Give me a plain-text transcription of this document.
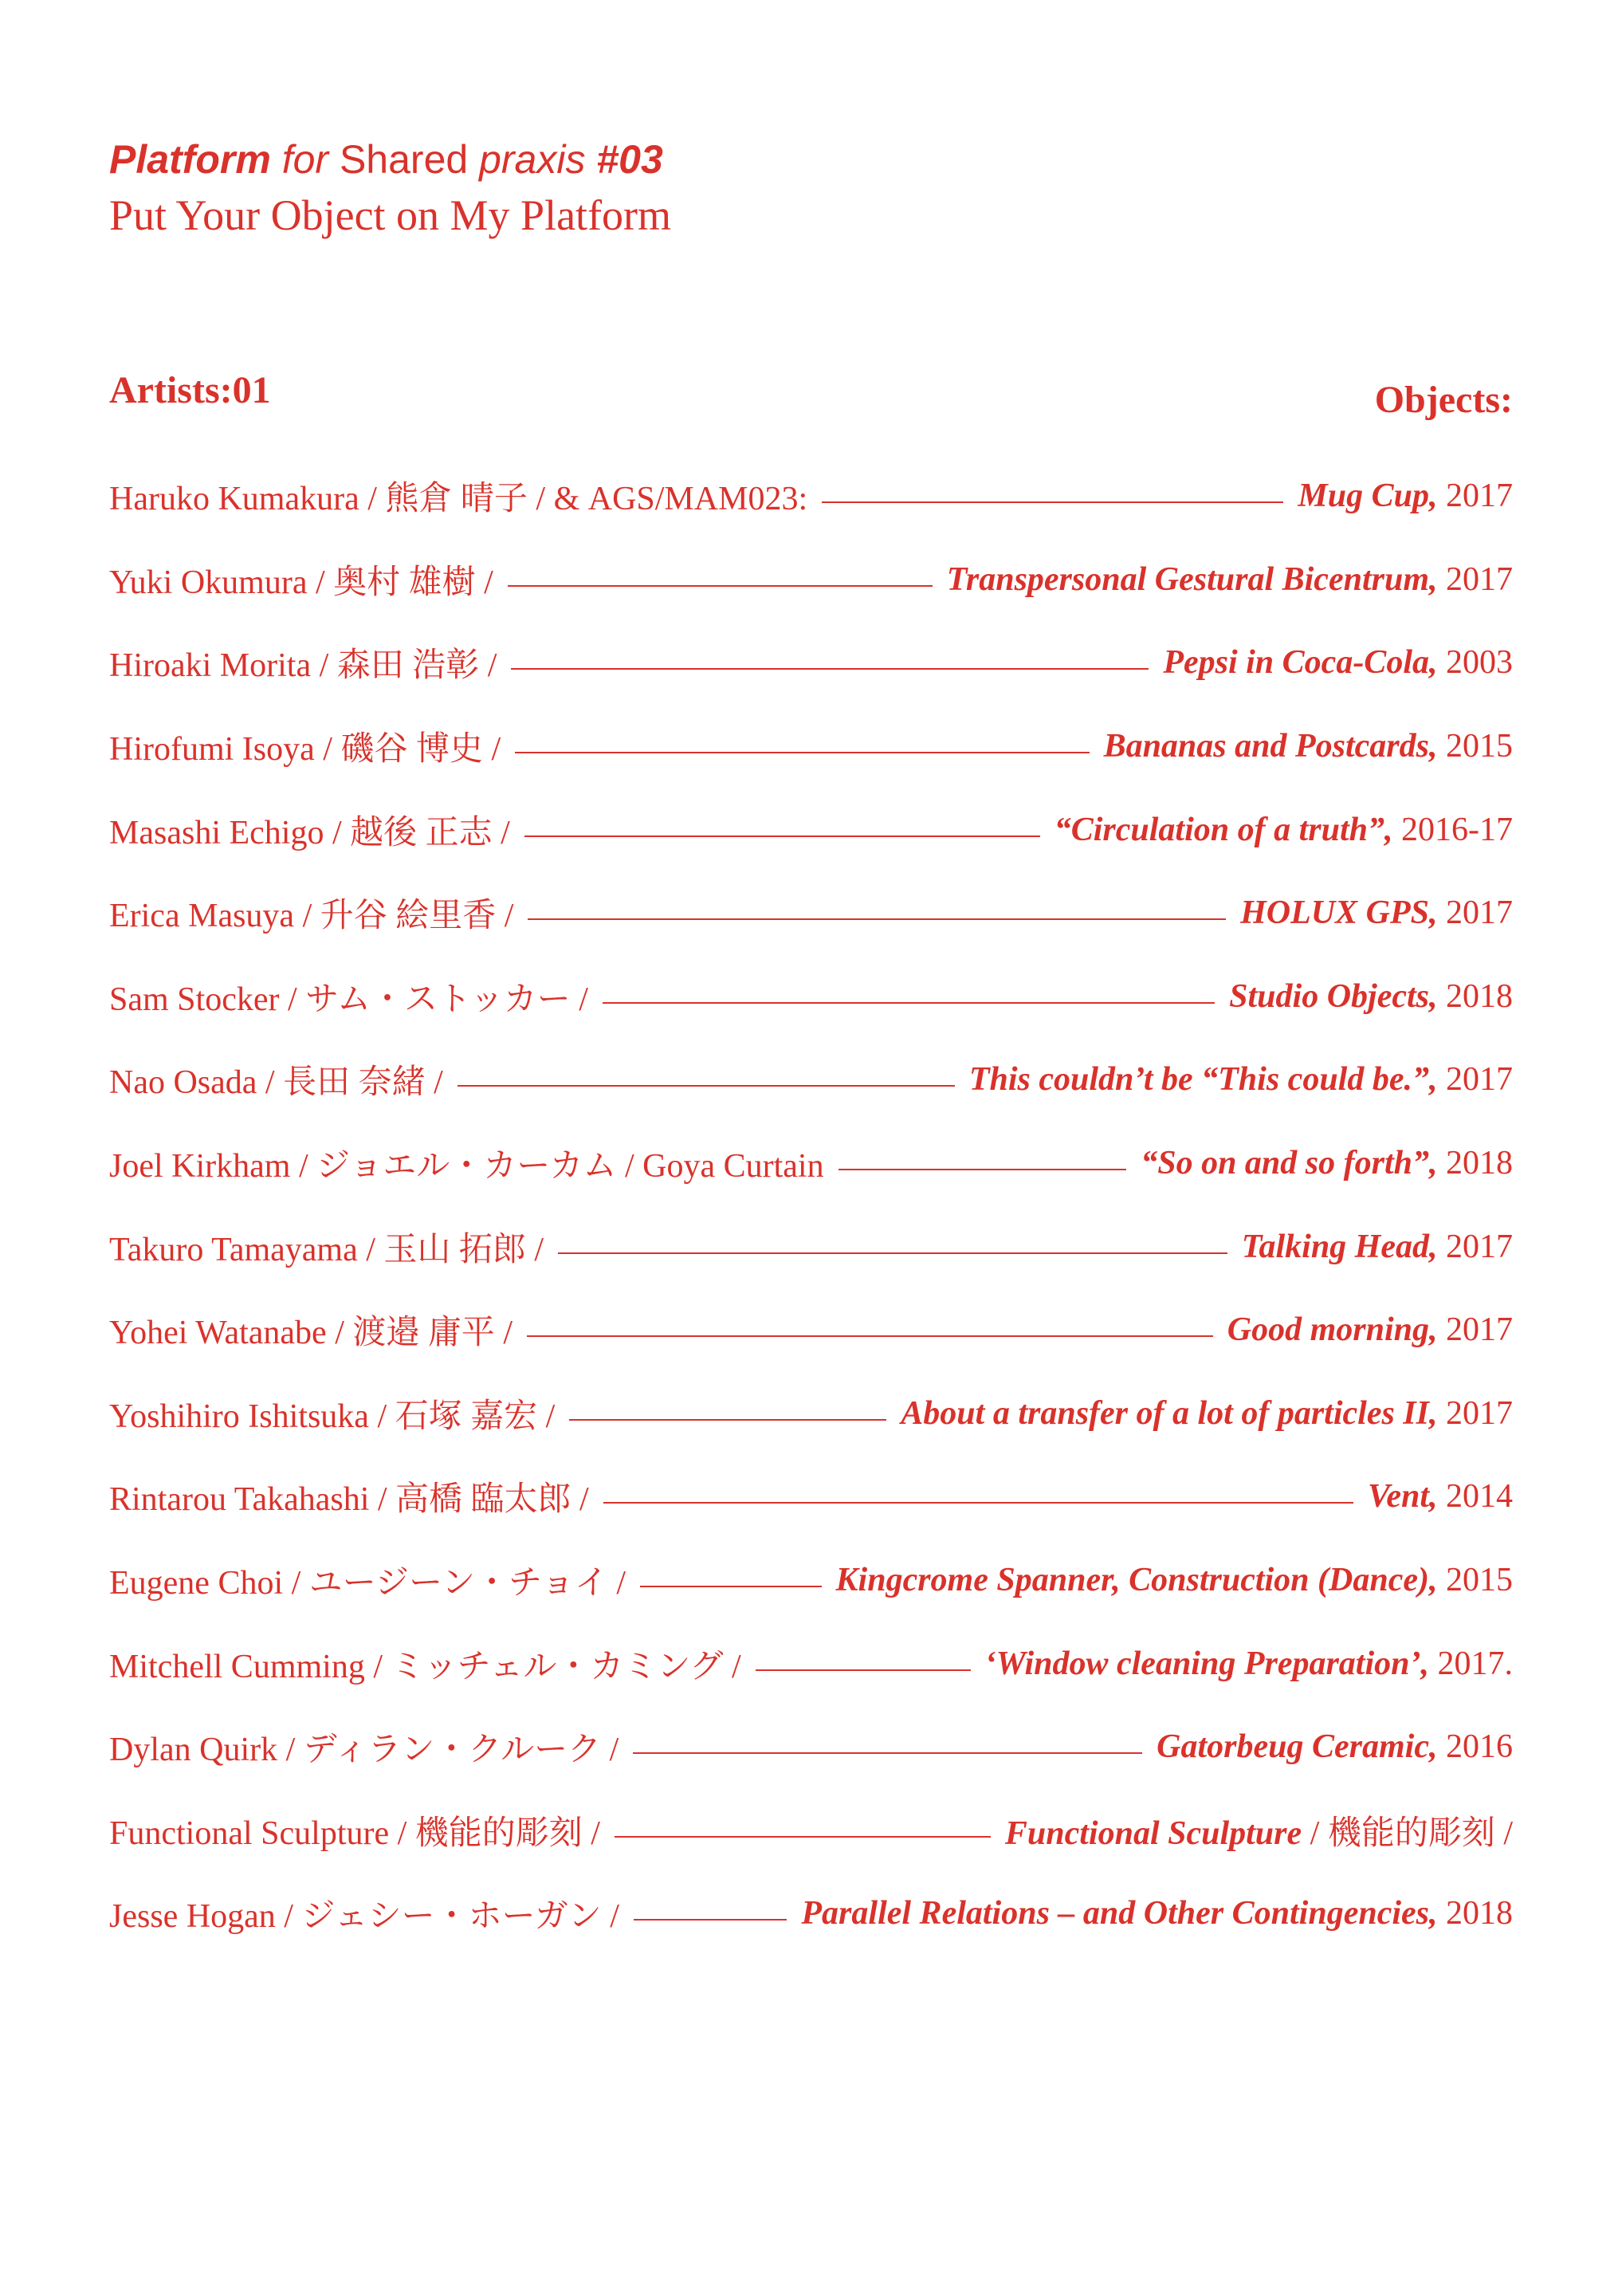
Platform for Shared praxis #03
Put Your Object on My Platform
Artists:01	Objects:
Haruko Kumakura / 熊倉 晴子 / & AGS/MAM023:	Mug Cup, 2017
Yuki Okumura / 奥村 雄樹 /	Transpersonal Gestural Bicentrum, 2017
Hiroaki Morita / 森田 浩彰 /	Pepsi in Coca-Cola, 2003
Hirofumi Isoya / 磯谷 博史 /	Bananas and Postcards, 2015
Masashi Echigo / 越後 正志 /	“Circulation of a truth”, 2016-17
Erica Masuya / 升谷 絵里香 /	HOLUX GPS, 2017
Sam Stocker / サム・ストッカー /	Studio Objects, 2018
Nao Osada / 長田 奈緒 /	This couldn’t be “This could be.”, 2017
Joel Kirkham / ジョエル・カーカム / Goya Curtain	“So on and so forth”, 2018
Takuro Tamayama / 玉山 拓郎 /	Talking Head, 2017
Yohei Watanabe / 渡邉 庸平 /	Good morning, 2017
Yoshihiro Ishitsuka / 石塚 嘉宏 /	About a transfer of a lot of particles II, 2017
Rintarou Takahashi / 高橋 臨太郎 /	Vent, 2014
Eugene Choi / ユージーン・チョイ /	Kingcrome Spanner, Construction (Dance), 2015
Mitchell Cumming / ミッチェル・カミング /	‘Window cleaning Preparation’, 2017.
Dylan Quirk / ディラン・クルーク /	Gatorbeug Ceramic, 2016
Functional Sculpture / 機能的彫刻 /	Functional Sculpture / 機能的彫刻 /
Jesse Hogan / ジェシー・ホーガン /	Parallel Relations – and Other Contingencies, 2018
